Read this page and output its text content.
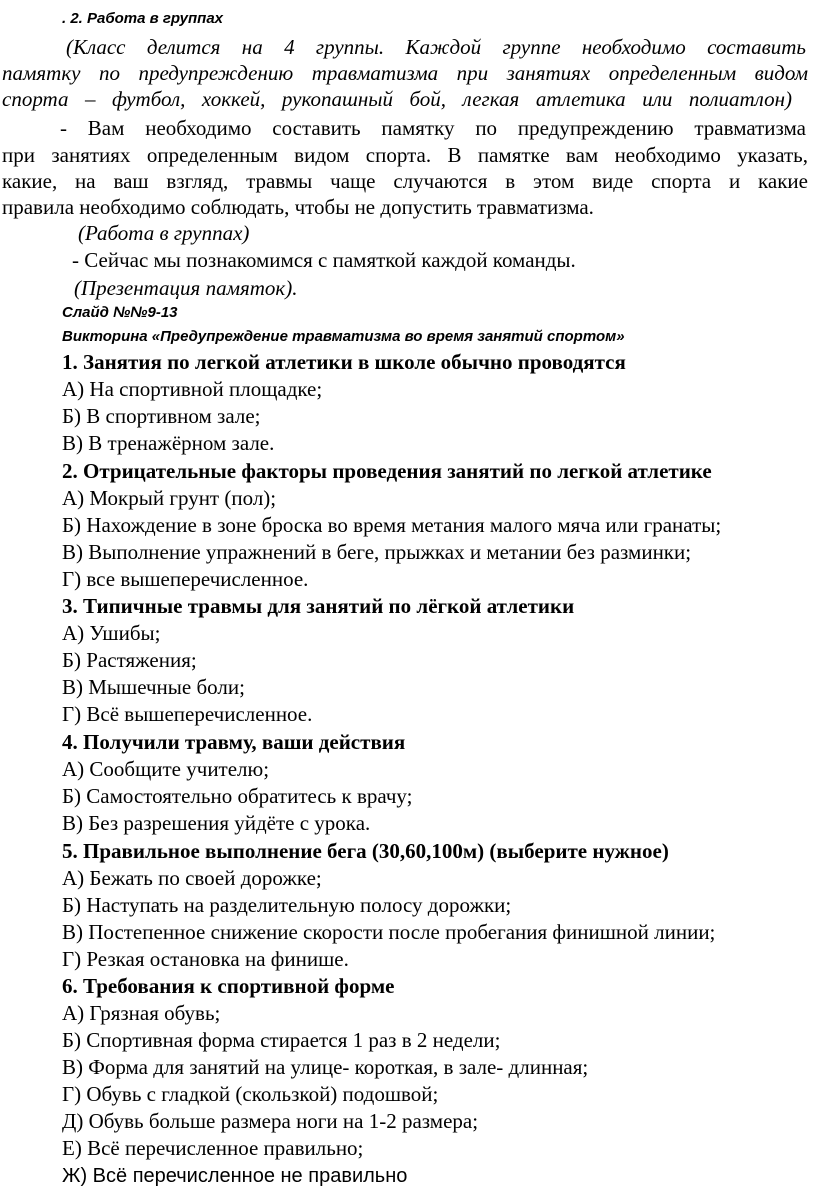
. 2. Работа в группах
(Класс делится на 4 группы. Каждой группе необходимо составить
памятку по предупреждению травматизма при занятиях определенным видом
спорта – футбол, хоккей, рукопашный бой, легкая атлетика или полиатлон)
- Вам необходимо составить памятку по предупреждению травматизма
при занятиях определенным видом спорта. В памятке вам необходимо указать,
какие, на ваш взгляд, травмы чаще случаются в этом виде спорта и какие
правила необходимо соблюдать, чтобы не допустить травматизма.
(Работа в группах)
- Сейчас мы познакомимся с памяткой каждой команды.
(Презентация памяток).
Слайд №№9-13
Викторина «Предупреждение травматизма во время занятий спортом»
1. Занятия по легкой атлетики в школе обычно проводятся
А) На спортивной площадке;
Б) В спортивном зале;
В) В тренажёрном зале.
2. Отрицательные факторы проведения занятий по легкой атлетике
А) Мокрый грунт (пол);
Б) Нахождение в зоне броска во время метания малого мяча или гранаты;
В) Выполнение упражнений в беге, прыжках и метании без разминки;
Г) все вышеперечисленное.
3. Типичные травмы для занятий по лёгкой атлетики
А) Ушибы;
Б) Растяжения;
В) Мышечные боли;
Г) Всё вышеперечисленное.
4. Получили травму, ваши действия
А) Сообщите учителю;
Б) Самостоятельно обратитесь к врачу;
В) Без разрешения уйдёте с урока.
5. Правильное выполнение бега (30,60,100м) (выберите нужное)
А) Бежать по своей дорожке;
Б) Наступать на разделительную полосу дорожки;
В) Постепенное снижение скорости после пробегания финишной линии;
Г) Резкая остановка на финише.
6. Требования к спортивной форме
А) Грязная обувь;
Б) Спортивная форма стирается 1 раз в 2 недели;
В) Форма для занятий на улице- короткая, в зале- длинная;
Г) Обувь с гладкой (скользкой) подошвой;
Д) Обувь больше размера ноги на 1-2 размера;
Е) Всё перечисленное правильно;
Ж) Всё перечисленное не правильно
